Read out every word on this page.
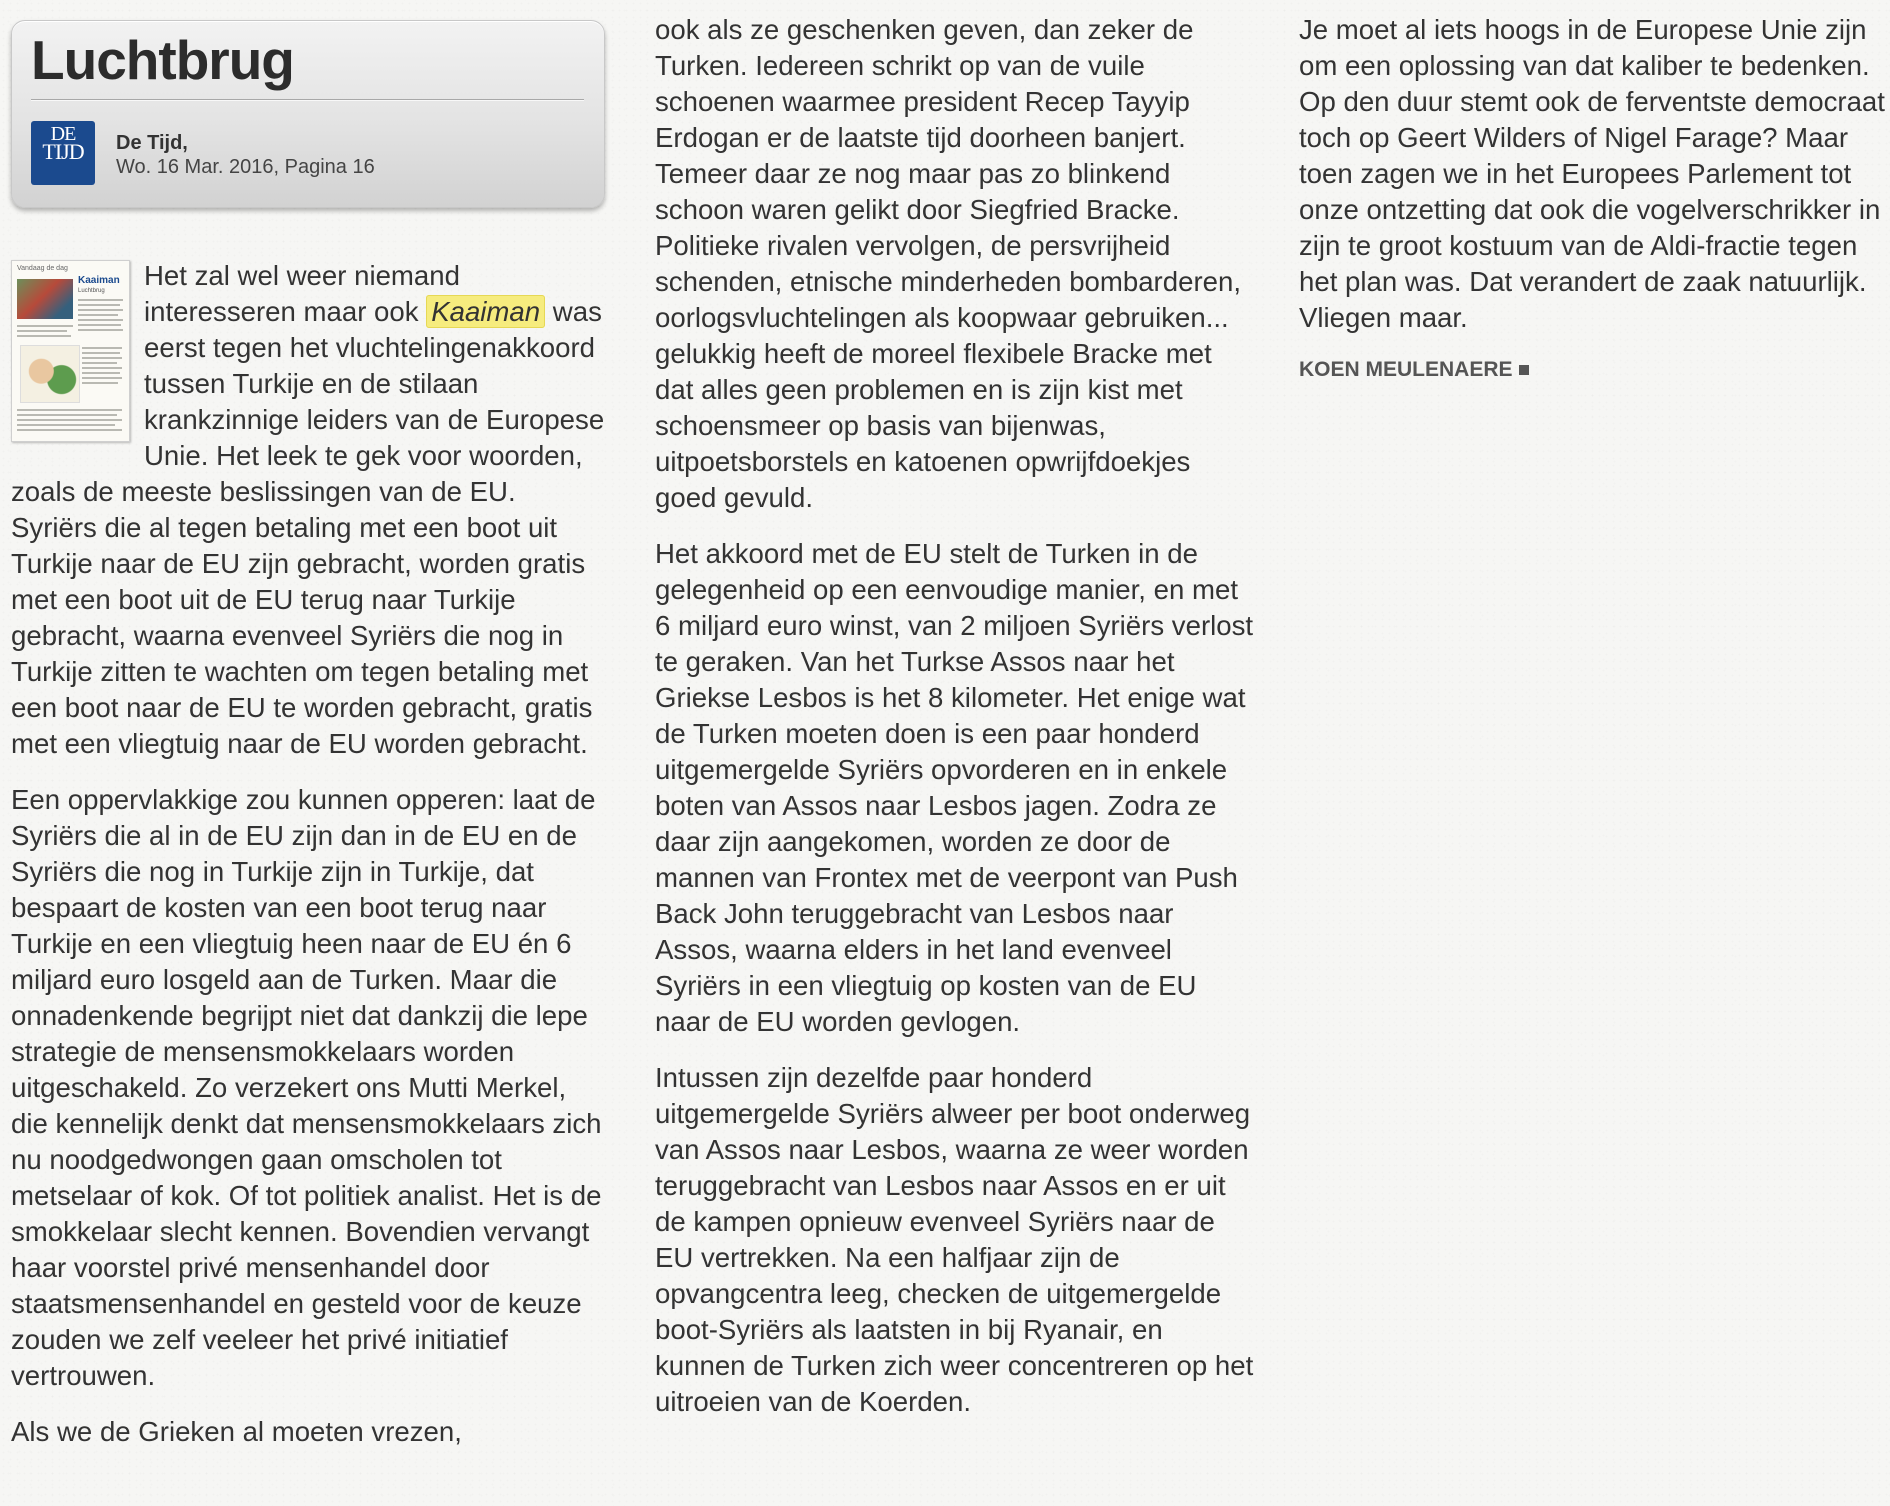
Luchtbrug
DE
TIJD	De Tijd,
Wo. 16 Mar. 2016, Pagina 16

Vandaag de dag
Kaaiman
Luchtbrug Het zal wel weer niemand interesseren maar ook Kaaiman was eerst tegen het vluchtelingenakkoord tussen Turkije en de stilaan krankzinnige leiders van de Europese Unie. Het leek te gek voor woorden, zoals de meeste beslissingen van de EU. Syriërs die al tegen betaling met een boot uit Turkije naar de EU zijn gebracht, worden gratis met een boot uit de EU terug naar Turkije gebracht, waarna evenveel Syriërs die nog in Turkije zitten te wachten om tegen betaling met een boot naar de EU te worden gebracht, gratis met een vliegtuig naar de EU worden gebracht.

Een oppervlakkige zou kunnen opperen: laat de Syriërs die al in de EU zijn dan in de EU en de Syriërs die nog in Turkije zijn in Turkije, dat bespaart de kosten van een boot terug naar Turkije en een vliegtuig heen naar de EU én 6 miljard euro losgeld aan de Turken. Maar die onnadenkende begrijpt niet dat dankzij die lepe strategie de mensensmokkelaars worden uitgeschakeld. Zo verzekert ons Mutti Merkel, die kennelijk denkt dat mensensmokkelaars zich nu noodgedwongen gaan omscholen tot metselaar of kok. Of tot politiek analist. Het is de smokkelaar slecht kennen. Bovendien vervangt haar voorstel privé mensenhandel door staatsmensenhandel en gesteld voor de keuze zouden we zelf veeleer het privé initiatief vertrouwen.

Als we de Grieken al moeten vrezen,

ook als ze geschenken geven, dan zeker de Turken. Iedereen schrikt op van de vuile schoenen waarmee president Recep Tayyip Erdogan er de laatste tijd doorheen banjert. Temeer daar ze nog maar pas zo blinkend schoon waren gelikt door Siegfried Bracke. Politieke rivalen vervolgen, de persvrijheid schenden, etnische minderheden bombarderen, oorlogsvluchtelingen als koopwaar gebruiken... gelukkig heeft de moreel flexibele Bracke met dat alles geen problemen en is zijn kist met schoensmeer op basis van bijenwas, uitpoetsborstels en katoenen opwrijfdoekjes goed gevuld.

Het akkoord met de EU stelt de Turken in de gelegenheid op een eenvoudige manier, en met 6 miljard euro winst, van 2 miljoen Syriërs verlost te geraken. Van het Turkse Assos naar het Griekse Lesbos is het 8 kilometer. Het enige wat de Turken moeten doen is een paar honderd uitgemergelde Syriërs opvorderen en in enkele boten van Assos naar Lesbos jagen. Zodra ze daar zijn aangekomen, worden ze door de mannen van Frontex met de veerpont van Push Back John teruggebracht van Lesbos naar Assos, waarna elders in het land evenveel Syriërs in een vliegtuig op kosten van de EU naar de EU worden gevlogen.

Intussen zijn dezelfde paar honderd uitgemergelde Syriërs alweer per boot onderweg van Assos naar Lesbos, waarna ze weer worden teruggebracht van Lesbos naar Assos en er uit de kampen opnieuw evenveel Syriërs naar de EU vertrekken. Na een halfjaar zijn de opvangcentra leeg, checken de uitgemergelde boot-Syriërs als laatsten in bij Ryanair, en kunnen de Turken zich weer concentreren op het uitroeien van de Koerden.

Je moet al iets hoogs in de Europese Unie zijn om een oplossing van dat kaliber te bedenken. Op den duur stemt ook de ferventste democraat toch op Geert Wilders of Nigel Farage? Maar toen zagen we in het Europees Parlement tot onze ontzetting dat ook die vogelverschrikker in zijn te groot kostuum van de Aldi-fractie tegen het plan was. Dat verandert de zaak natuurlijk. Vliegen maar.

KOEN MEULENAERE
